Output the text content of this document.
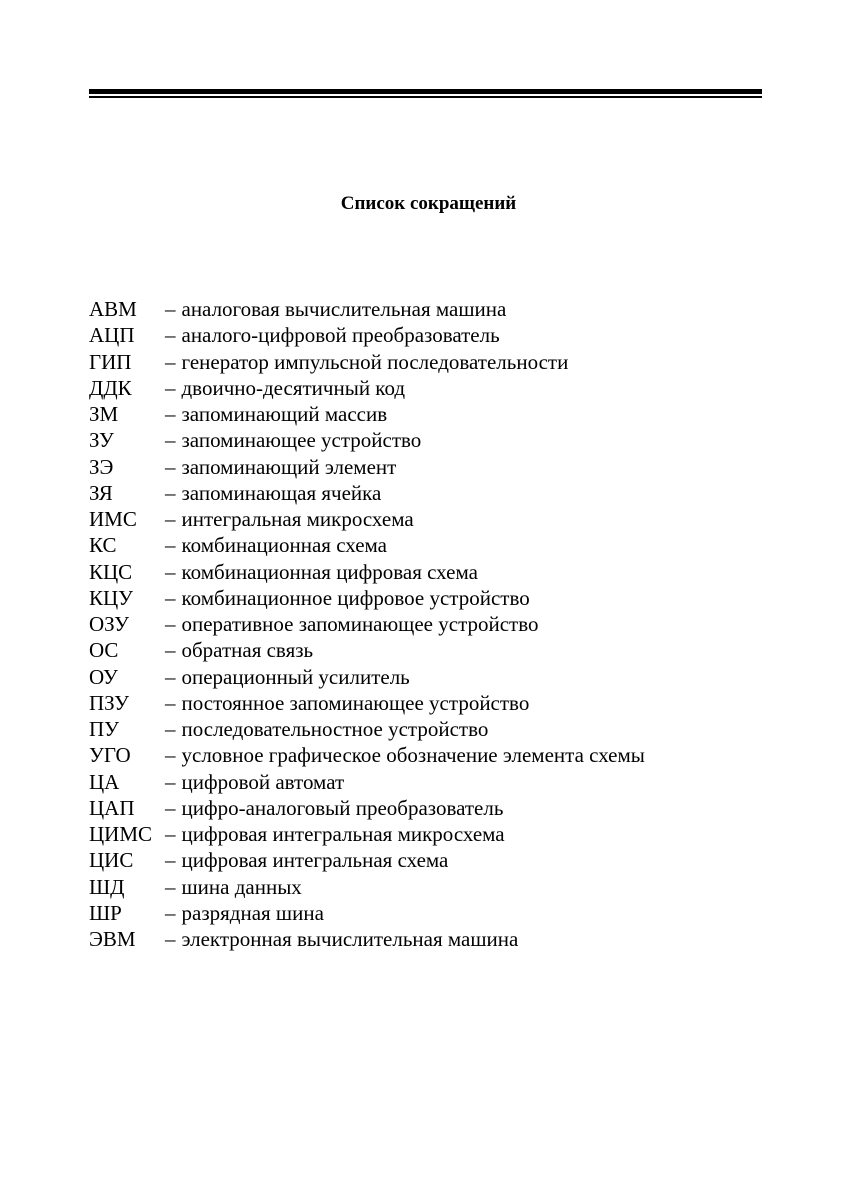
Список сокращений
АВМ	– аналоговая вычислительная машина
АЦП	– аналого-цифровой преобразователь
ГИП	– генератор импульсной последовательности
ДДК	– двоично-десятичный код
ЗМ	– запоминающий массив
ЗУ	– запоминающее устройство
ЗЭ	– запоминающий элемент
ЗЯ	– запоминающая ячейка
ИМС	– интегральная микросхема
КС	– комбинационная схема
КЦС	– комбинационная цифровая схема
КЦУ	– комбинационное цифровое устройство
ОЗУ	– оперативное запоминающее устройство
ОС	– обратная связь
ОУ	– операционный усилитель
ПЗУ	– постоянное запоминающее устройство
ПУ	– последовательностное устройство
УГО	– условное графическое обозначение элемента схемы
ЦА	– цифровой автомат
ЦАП	– цифро-аналоговый преобразователь
ЦИМС – цифровая интегральная микросхема
ЦИС	– цифровая интегральная схема
ШД	– шина данных
ШР	– разрядная шина
ЭВМ	– электронная вычислительная машина
